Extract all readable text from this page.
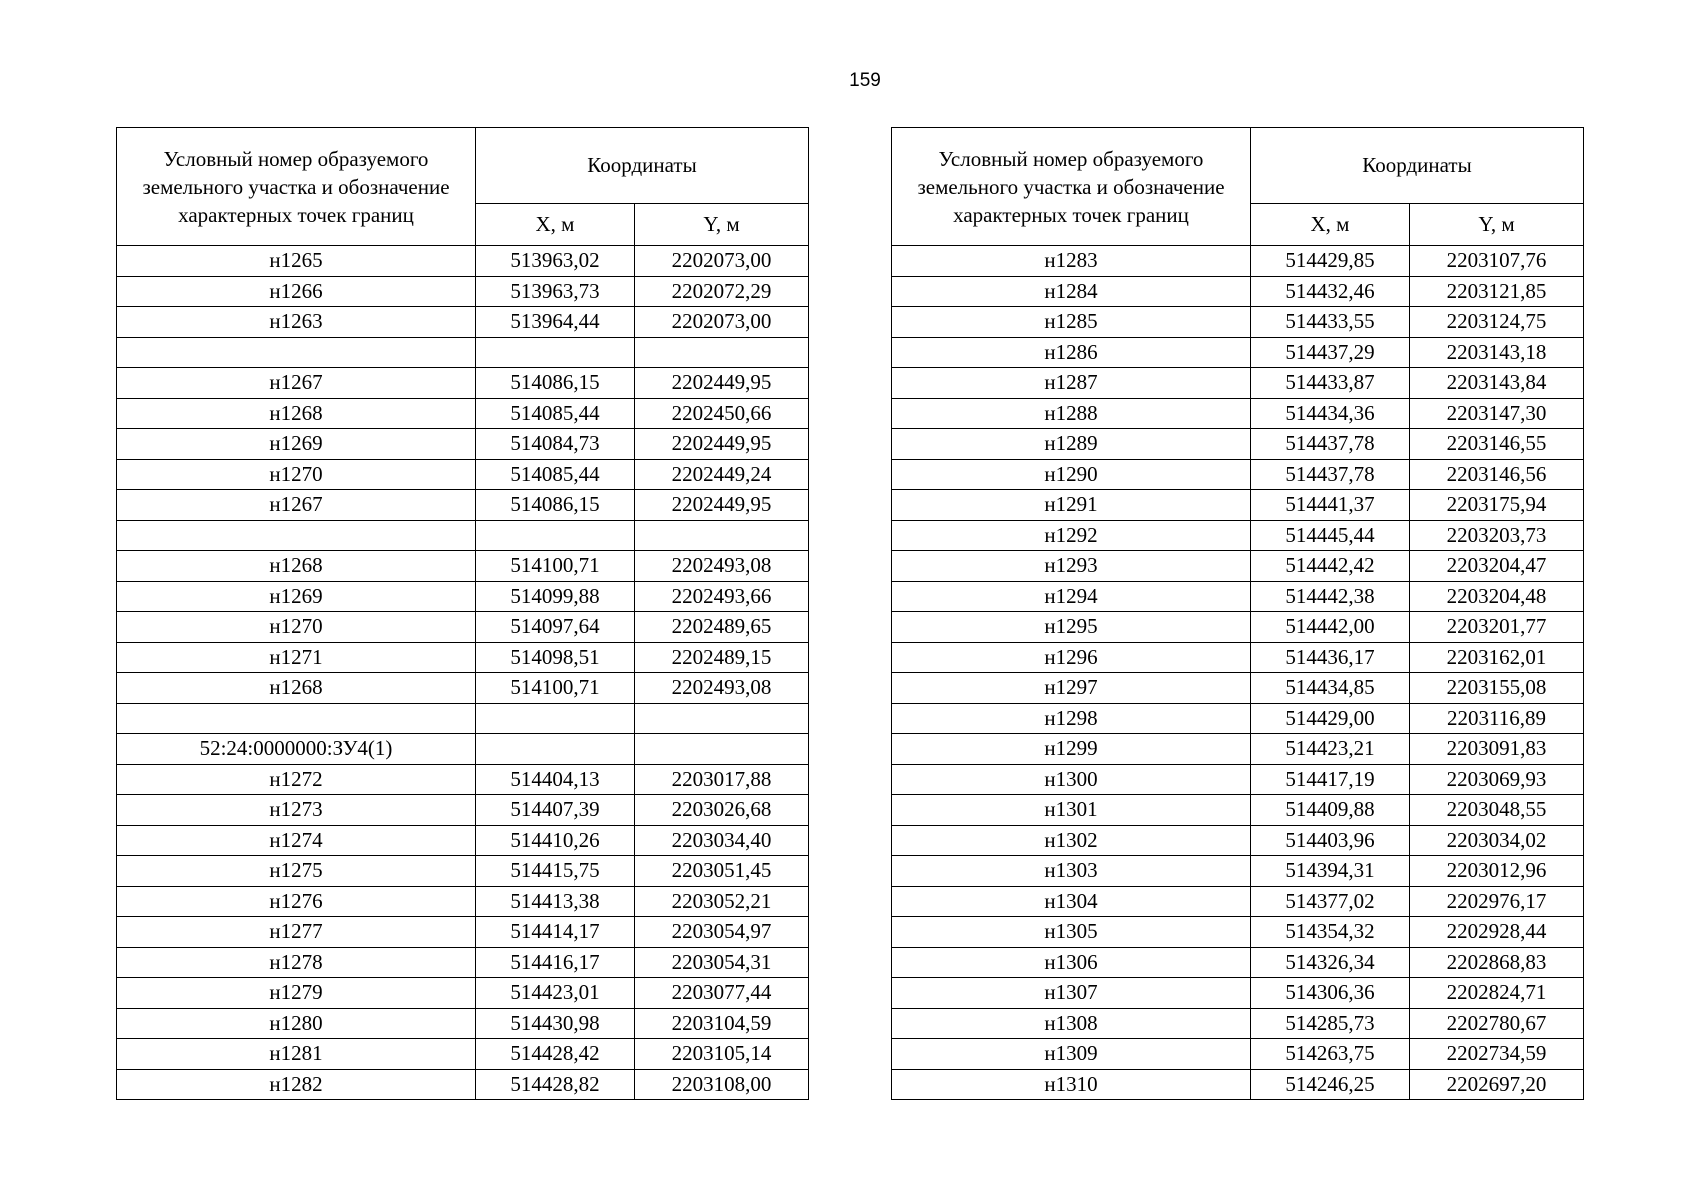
159
Условный номер образуемого земельного участка и обозначение характерных точек границ	Координаты	
	X, м	Y, м
н1265	513963,02	2202073,00
н1266	513963,73	2202072,29
н1263	513964,44	2202073,00

н1267	514086,15	2202449,95
н1268	514085,44	2202450,66
н1269	514084,73	2202449,95
н1270	514085,44	2202449,24
н1267	514086,15	2202449,95

н1268	514100,71	2202493,08
н1269	514099,88	2202493,66
н1270	514097,64	2202489,65
н1271	514098,51	2202489,15
н1268	514100,71	2202493,08

52:24:0000000:ЗУ4(1)		
н1272	514404,13	2203017,88
н1273	514407,39	2203026,68
н1274	514410,26	2203034,40
н1275	514415,75	2203051,45
н1276	514413,38	2203052,21
н1277	514414,17	2203054,97
н1278	514416,17	2203054,31
н1279	514423,01	2203077,44
н1280	514430,98	2203104,59
н1281	514428,42	2203105,14
н1282	514428,82	2203108,00
Условный номер образуемого земельного участка и обозначение характерных точек границ	Координаты	
	X, м	Y, м
н1283	514429,85	2203107,76
н1284	514432,46	2203121,85
н1285	514433,55	2203124,75
н1286	514437,29	2203143,18
н1287	514433,87	2203143,84
н1288	514434,36	2203147,30
н1289	514437,78	2203146,55
н1290	514437,78	2203146,56
н1291	514441,37	2203175,94
н1292	514445,44	2203203,73
н1293	514442,42	2203204,47
н1294	514442,38	2203204,48
н1295	514442,00	2203201,77
н1296	514436,17	2203162,01
н1297	514434,85	2203155,08
н1298	514429,00	2203116,89
н1299	514423,21	2203091,83
н1300	514417,19	2203069,93
н1301	514409,88	2203048,55
н1302	514403,96	2203034,02
н1303	514394,31	2203012,96
н1304	514377,02	2202976,17
н1305	514354,32	2202928,44
н1306	514326,34	2202868,83
н1307	514306,36	2202824,71
н1308	514285,73	2202780,67
н1309	514263,75	2202734,59
н1310	514246,25	2202697,20
